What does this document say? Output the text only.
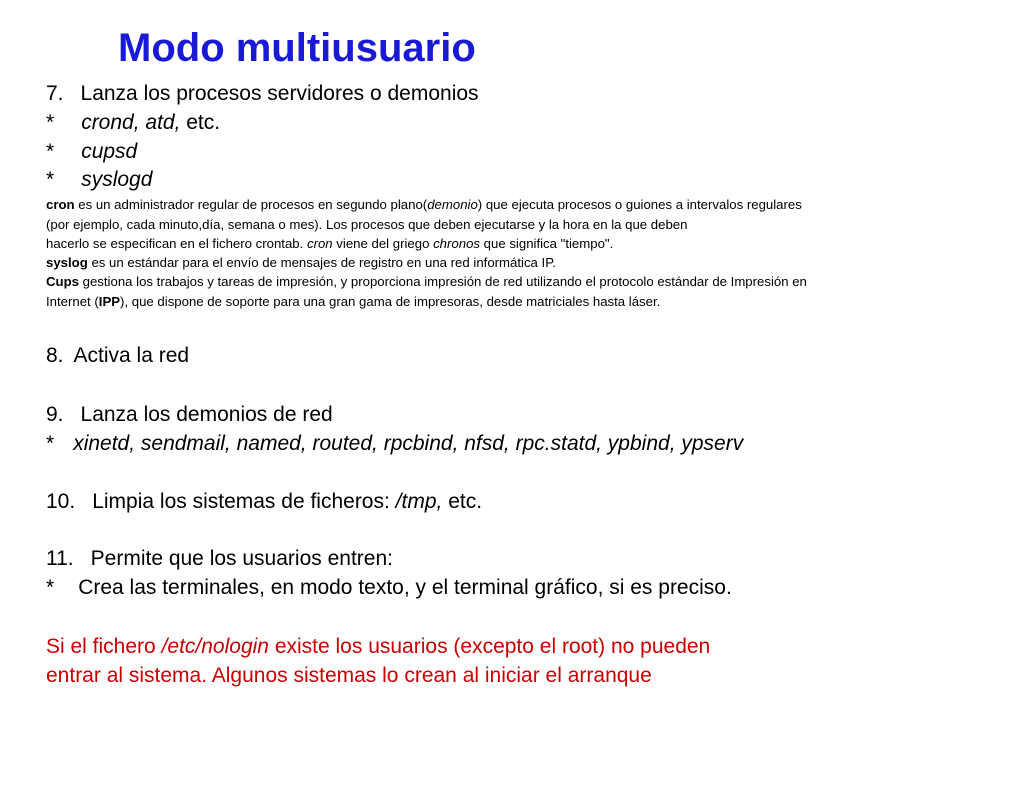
Modo multiusuario
7. Lanza los procesos servidores o demonios
* crond, atd, etc.
* cupsd
* syslogd
cron es un administrador regular de procesos en segundo plano(demonio) que ejecuta procesos o guiones a intervalos regulares
(por ejemplo, cada minuto,día, semana o mes). Los procesos que deben ejecutarse y la hora en la que deben
hacerlo se especifican en el fichero crontab. cron viene del griego chronos que significa "tiempo".
syslog es un estándar para el envío de mensajes de registro en una red informática IP.
Cups gestiona los trabajos y tareas de impresión, y proporciona impresión de red utilizando el protocolo estándar de Impresión en
Internet (IPP), que dispone de soporte para una gran gama de impresoras, desde matriciales hasta láser.
8. Activa la red
9. Lanza los demonios de red
* xinetd, sendmail, named, routed, rpcbind, nfsd, rpc.statd, ypbind, ypserv
10. Limpia los sistemas de ficheros: /tmp, etc.
11. Permite que los usuarios entren:
* Crea las terminales, en modo texto, y el terminal gráfico, si es preciso.
Si el fichero /etc/nologin existe los usuarios (excepto el root) no pueden
entrar al sistema. Algunos sistemas lo crean al iniciar el arranque
